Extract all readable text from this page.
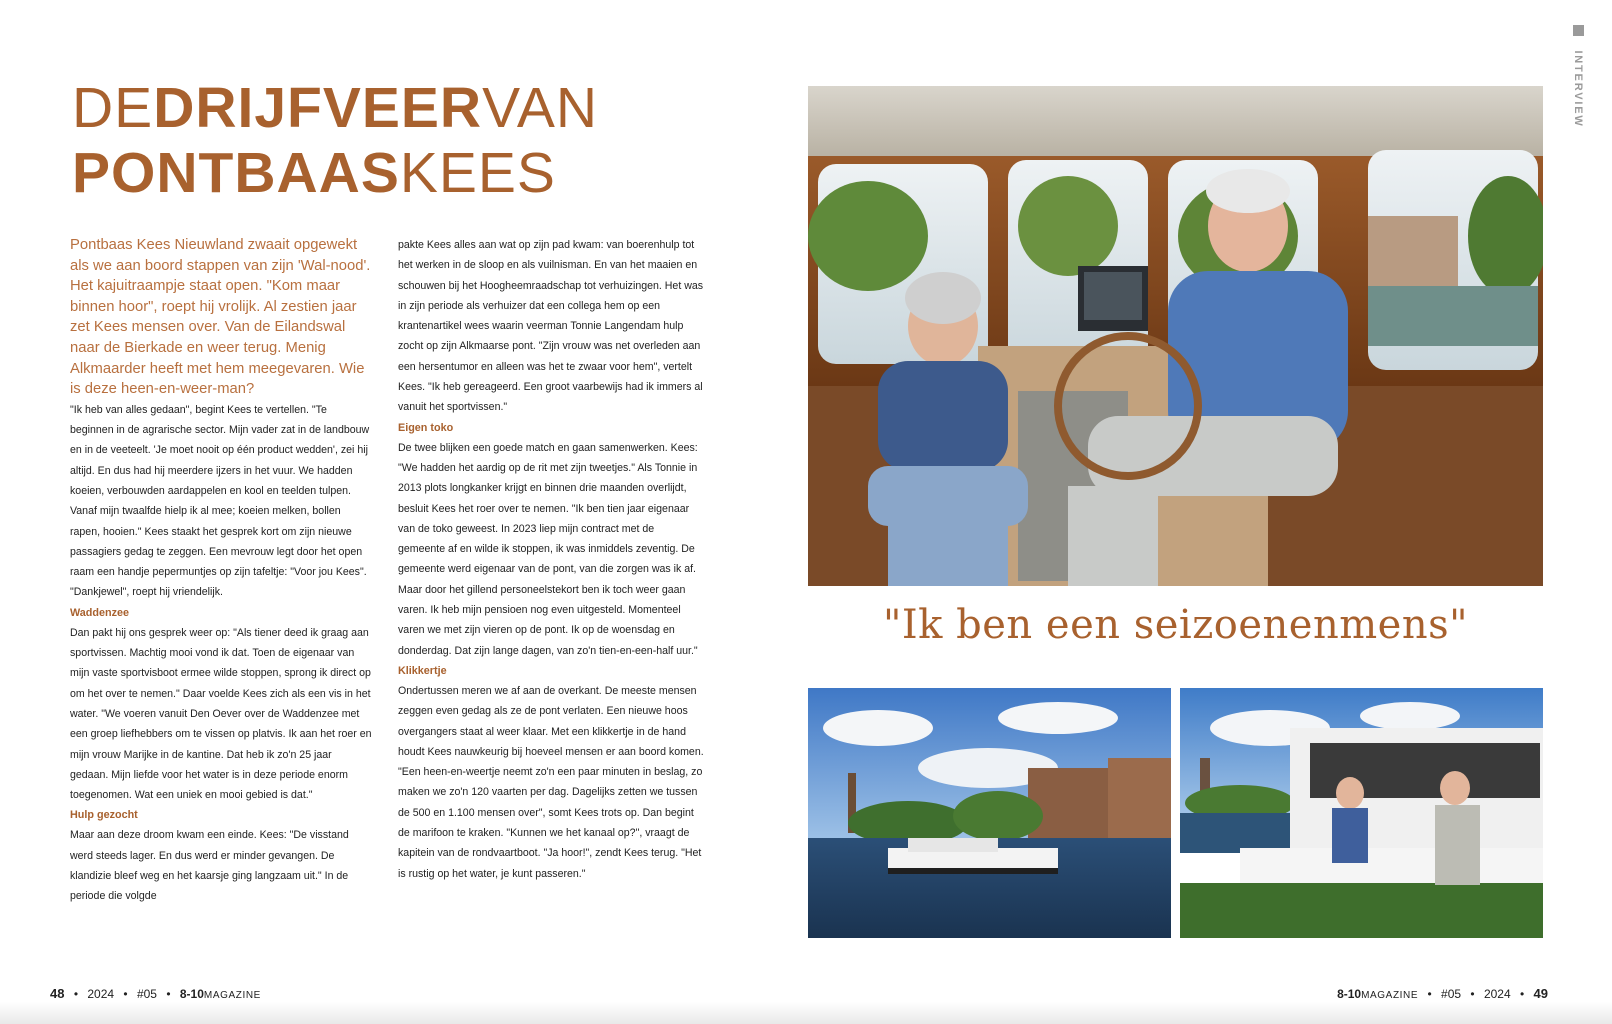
DEDRIJFVEERVAN
PONTBAASKEES

Pontbaas Kees Nieuwland zwaait opgewekt als we aan boord stappen van zijn 'Wal-nood'. Het kajuitraampje staat open. "Kom maar binnen hoor", roept hij vrolijk. Al zestien jaar zet Kees mensen over. Van de Eilandswal naar de Bierkade en weer terug. Menig Alkmaarder heeft met hem meegevaren. Wie is deze heen-en-weer-man?

"Ik heb van alles gedaan", begint Kees te vertellen. "Te beginnen in de agrarische sector. Mijn vader zat in de landbouw en in de veeteelt. 'Je moet nooit op één product wedden', zei hij altijd. En dus had hij meerdere ijzers in het vuur. We hadden koeien, verbouwden aardappelen en kool en teelden tulpen. Vanaf mijn twaalfde hielp ik al mee; koeien melken, bollen rapen, hooien." Kees staakt het gesprek kort om zijn nieuwe passagiers gedag te zeggen. Een mevrouw legt door het open raam een handje pepermuntjes op zijn tafeltje: "Voor jou Kees". "Dankjewel", roept hij vriendelijk.

Waddenzee

Dan pakt hij ons gesprek weer op: "Als tiener deed ik graag aan sportvissen. Machtig mooi vond ik dat. Toen de eigenaar van mijn vaste sportvisboot ermee wilde stoppen, sprong ik direct op om het over te nemen." Daar voelde Kees zich als een vis in het water. "We voeren vanuit Den Oever over de Waddenzee met een groep liefhebbers om te vissen op platvis. Ik aan het roer en mijn vrouw Marijke in de kantine. Dat heb ik zo'n 25 jaar gedaan. Mijn liefde voor het water is in deze periode enorm toegenomen. Wat een uniek en mooi gebied is dat."

Hulp gezocht

Maar aan deze droom kwam een einde. Kees: "De visstand werd steeds lager. En dus werd er minder gevangen. De klandizie bleef weg en het kaarsje ging langzaam uit." In de periode die volgde

pakte Kees alles aan wat op zijn pad kwam: van boerenhulp tot het werken in de sloop en als vuilnisman. En van het maaien en schouwen bij het Hoogheemraadschap tot verhuizingen. Het was in zijn periode als verhuizer dat een collega hem op een krantenartikel wees waarin veerman Tonnie Langendam hulp zocht op zijn Alkmaarse pont. "Zijn vrouw was net overleden aan een hersentumor en alleen was het te zwaar voor hem", vertelt Kees. "Ik heb gereageerd. Een groot vaarbewijs had ik immers al vanuit het sportvissen."

Eigen toko

De twee blijken een goede match en gaan samenwerken. Kees: "We hadden het aardig op de rit met zijn tweetjes." Als Tonnie in 2013 plots longkanker krijgt en binnen drie maanden overlijdt, besluit Kees het roer over te nemen. "Ik ben tien jaar eigenaar van de toko geweest. In 2023 liep mijn contract met de gemeente af en wilde ik stoppen, ik was inmiddels zeventig. De gemeente werd eigenaar van de pont, van die zorgen was ik af. Maar door het gillend personeelstekort ben ik toch weer gaan varen. Ik heb mijn pensioen nog even uitgesteld. Momenteel varen we met zijn vieren op de pont. Ik op de woensdag en donderdag. Dat zijn lange dagen, van zo'n tien-en-een-half uur."

Klikkertje

Ondertussen meren we af aan de overkant. De meeste mensen zeggen even gedag als ze de pont verlaten. Een nieuwe hoos overgangers staat al weer klaar. Met een klikkertje in de hand houdt Kees nauwkeurig bij hoeveel mensen er aan boord komen. "Een heen-en-weertje neemt zo'n een paar minuten in beslag, zo maken we zo'n 120 vaarten per dag. Dagelijks zetten we tussen de 500 en 1.100 mensen over", somt Kees trots op. Dan begint de marifoon te kraken. "Kunnen we het kanaal op?", vraagt de kapitein van de rondvaartboot. "Ja hoor!", zendt Kees terug. "Het is rustig op het water, je kunt passeren."

INTERVIEW
"Ik ben een seizoenenmens"
48 • 2024 • #05 • 8-10MAGAZINE	8-10MAGAZINE • #05 • 2024 • 49
